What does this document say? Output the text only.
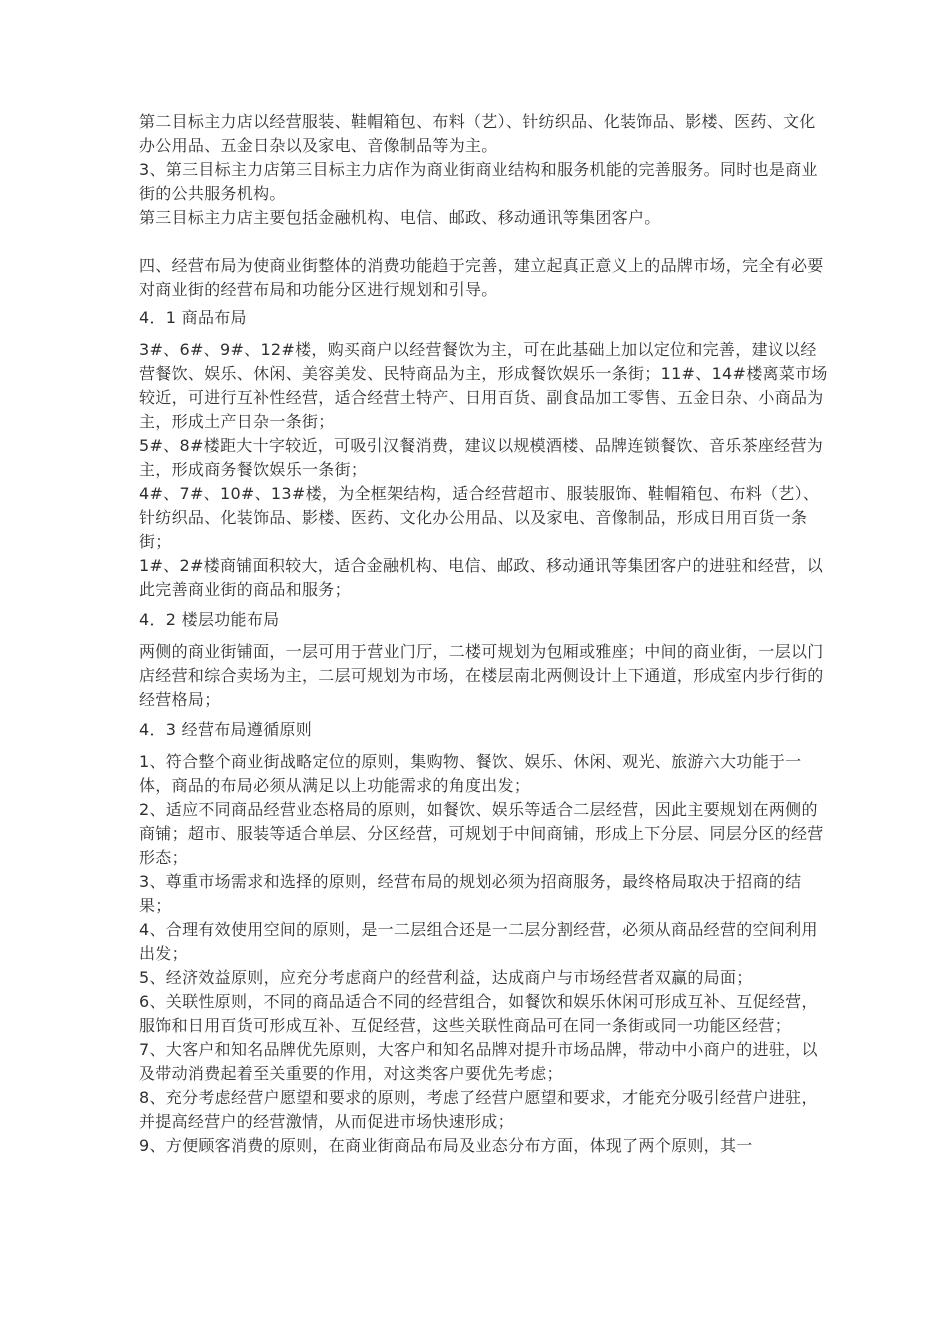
第二目标主力店以经营服装、鞋帽箱包、布料（艺）、针纺织品、化装饰品、影楼、医药、文化办公用品、五金日杂以及家电、音像制品等为主。

3、第三目标主力店第三目标主力店作为商业街商业结构和服务机能的完善服务。同时也是商业街的公共服务机构。

第三目标主力店主要包括金融机构、电信、邮政、移动通讯等集团客户。

四、经营布局为使商业街整体的消费功能趋于完善，建立起真正意义上的品牌市场，完全有必要对商业街的经营布局和功能分区进行规划和引导。

4．1 商品布局

3#、6#、9#、12#楼，购买商户以经营餐饮为主，可在此基础上加以定位和完善，建议以经营餐饮、娱乐、休闲、美容美发、民特商品为主，形成餐饮娱乐一条街；11#、14#楼离菜市场较近，可进行互补性经营，适合经营土特产、日用百货、副食品加工零售、五金日杂、小商品为主，形成土产日杂一条街；

5#、8#楼距大十字较近，可吸引汉餐消费，建议以规模酒楼、品牌连锁餐饮、音乐茶座经营为主，形成商务餐饮娱乐一条街；

4#、7#、10#、13#楼，为全框架结构，适合经营超市、服装服饰、鞋帽箱包、布料（艺）、针纺织品、化装饰品、影楼、医药、文化办公用品、以及家电、音像制品，形成日用百货一条街；

1#、2#楼商铺面积较大，适合金融机构、电信、邮政、移动通讯等集团客户的进驻和经营，以此完善商业街的商品和服务；

4．2 楼层功能布局

两侧的商业街铺面，一层可用于营业门厅，二楼可规划为包厢或雅座；中间的商业街，一层以门店经营和综合卖场为主，二层可规划为市场，在楼层南北两侧设计上下通道，形成室内步行街的经营格局；

4．3 经营布局遵循原则

1、符合整个商业街战略定位的原则，集购物、餐饮、娱乐、休闲、观光、旅游六大功能于一体，商品的布局必须从满足以上功能需求的角度出发；

2、适应不同商品经营业态格局的原则，如餐饮、娱乐等适合二层经营，因此主要规划在两侧的商铺；超市、服装等适合单层、分区经营，可规划于中间商铺，形成上下分层、同层分区的经营形态；

3、尊重市场需求和选择的原则，经营布局的规划必须为招商服务，最终格局取决于招商的结果；

4、合理有效使用空间的原则，是一二层组合还是一二层分割经营，必须从商品经营的空间利用出发；

5、经济效益原则，应充分考虑商户的经营利益，达成商户与市场经营者双赢的局面；

6、关联性原则，不同的商品适合不同的经营组合，如餐饮和娱乐休闲可形成互补、互促经营，服饰和日用百货可形成互补、互促经营，这些关联性商品可在同一条街或同一功能区经营；

7、大客户和知名品牌优先原则，大客户和知名品牌对提升市场品牌，带动中小商户的进驻，以及带动消费起着至关重要的作用，对这类客户要优先考虑；

8、充分考虑经营户愿望和要求的原则，考虑了经营户愿望和要求，才能充分吸引经营户进驻，并提高经营户的经营激情，从而促进市场快速形成；

9、方便顾客消费的原则，在商业街商品布局及业态分布方面，体现了两个原则，其一
